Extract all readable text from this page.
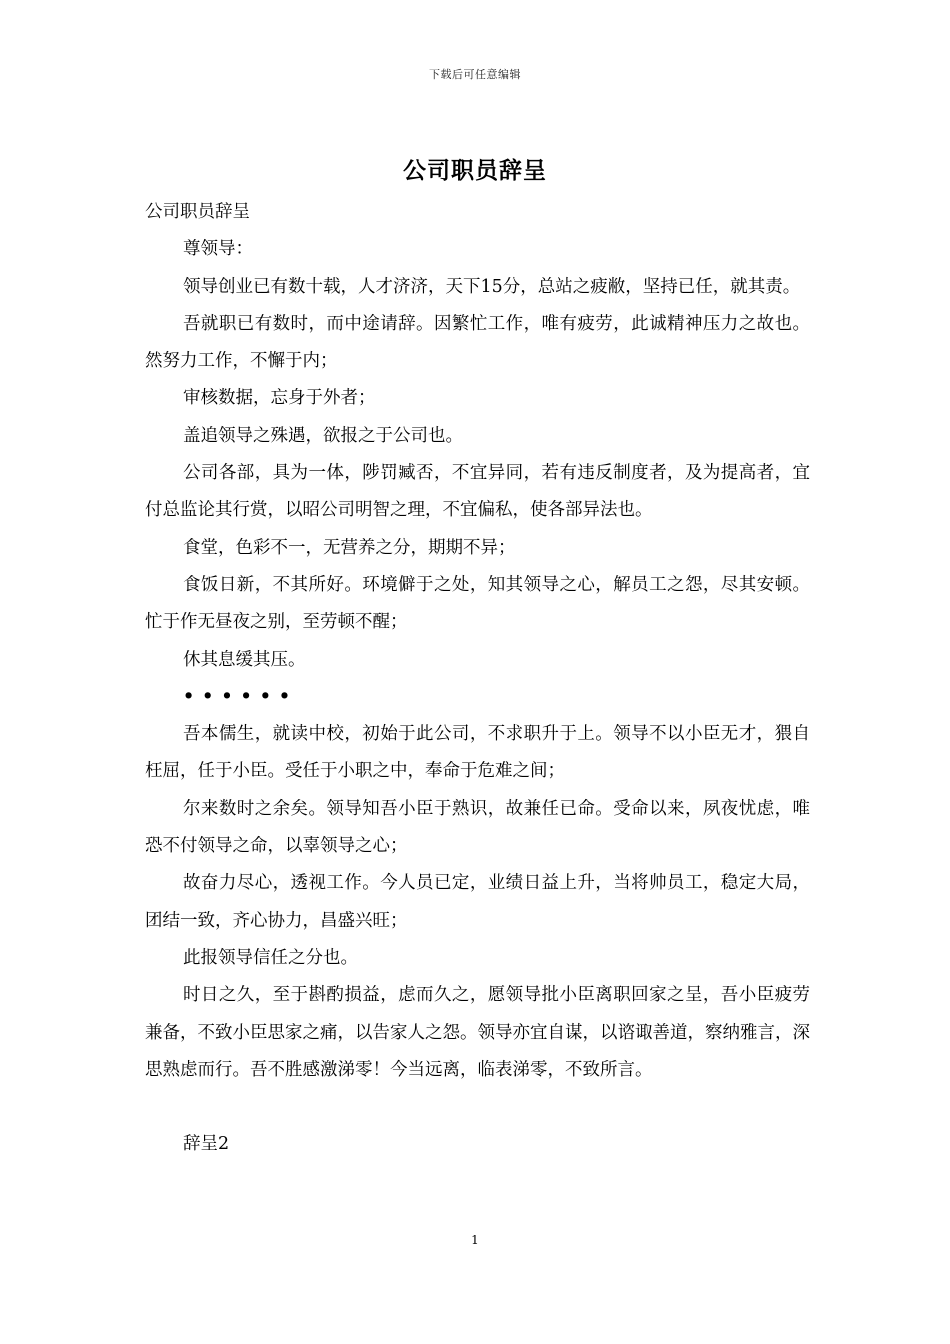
下载后可任意编辑
公司职员辞呈

公司职员辞呈

尊领导：

领导创业已有数十载，人才济济，天下15分，总站之疲敝，坚持已任，就其责。

吾就职已有数时，而中途请辞。因繁忙工作，唯有疲劳，此诚精神压力之故也。然努力工作，不懈于内；

审核数据，忘身于外者；

盖追领导之殊遇，欲报之于公司也。

公司各部，具为一体，陟罚臧否，不宜异同，若有违反制度者，及为提高者，宜付总监论其行赏，以昭公司明智之理，不宜偏私，使各部异法也。

食堂，色彩不一，无营养之分，期期不异；

食饭日新，不其所好。环境僻于之处，知其领导之心，解员工之怨，尽其安顿。忙于作无昼夜之别，至劳顿不醒；

休其息缓其压。

••••••

吾本儒生，就读中校，初始于此公司，不求职升于上。领导不以小臣无才，猥自枉屈，任于小臣。受任于小职之中，奉命于危难之间；

尔来数时之余矣。领导知吾小臣于熟识，故兼任已命。受命以来，夙夜忧虑，唯恐不付领导之命，以辜领导之心；

故奋力尽心，透视工作。今人员已定，业绩日益上升，当将帅员工，稳定大局，团结一致，齐心协力，昌盛兴旺；

此报领导信任之分也。

时日之久，至于斟酌损益，虑而久之，愿领导批小臣离职回家之呈，吾小臣疲劳兼备，不致小臣思家之痛，以告家人之怨。领导亦宜自谋，以谘诹善道，察纳雅言，深思熟虑而行。吾不胜感激涕零！今当远离，临表涕零，不致所言。

辞呈2

1
